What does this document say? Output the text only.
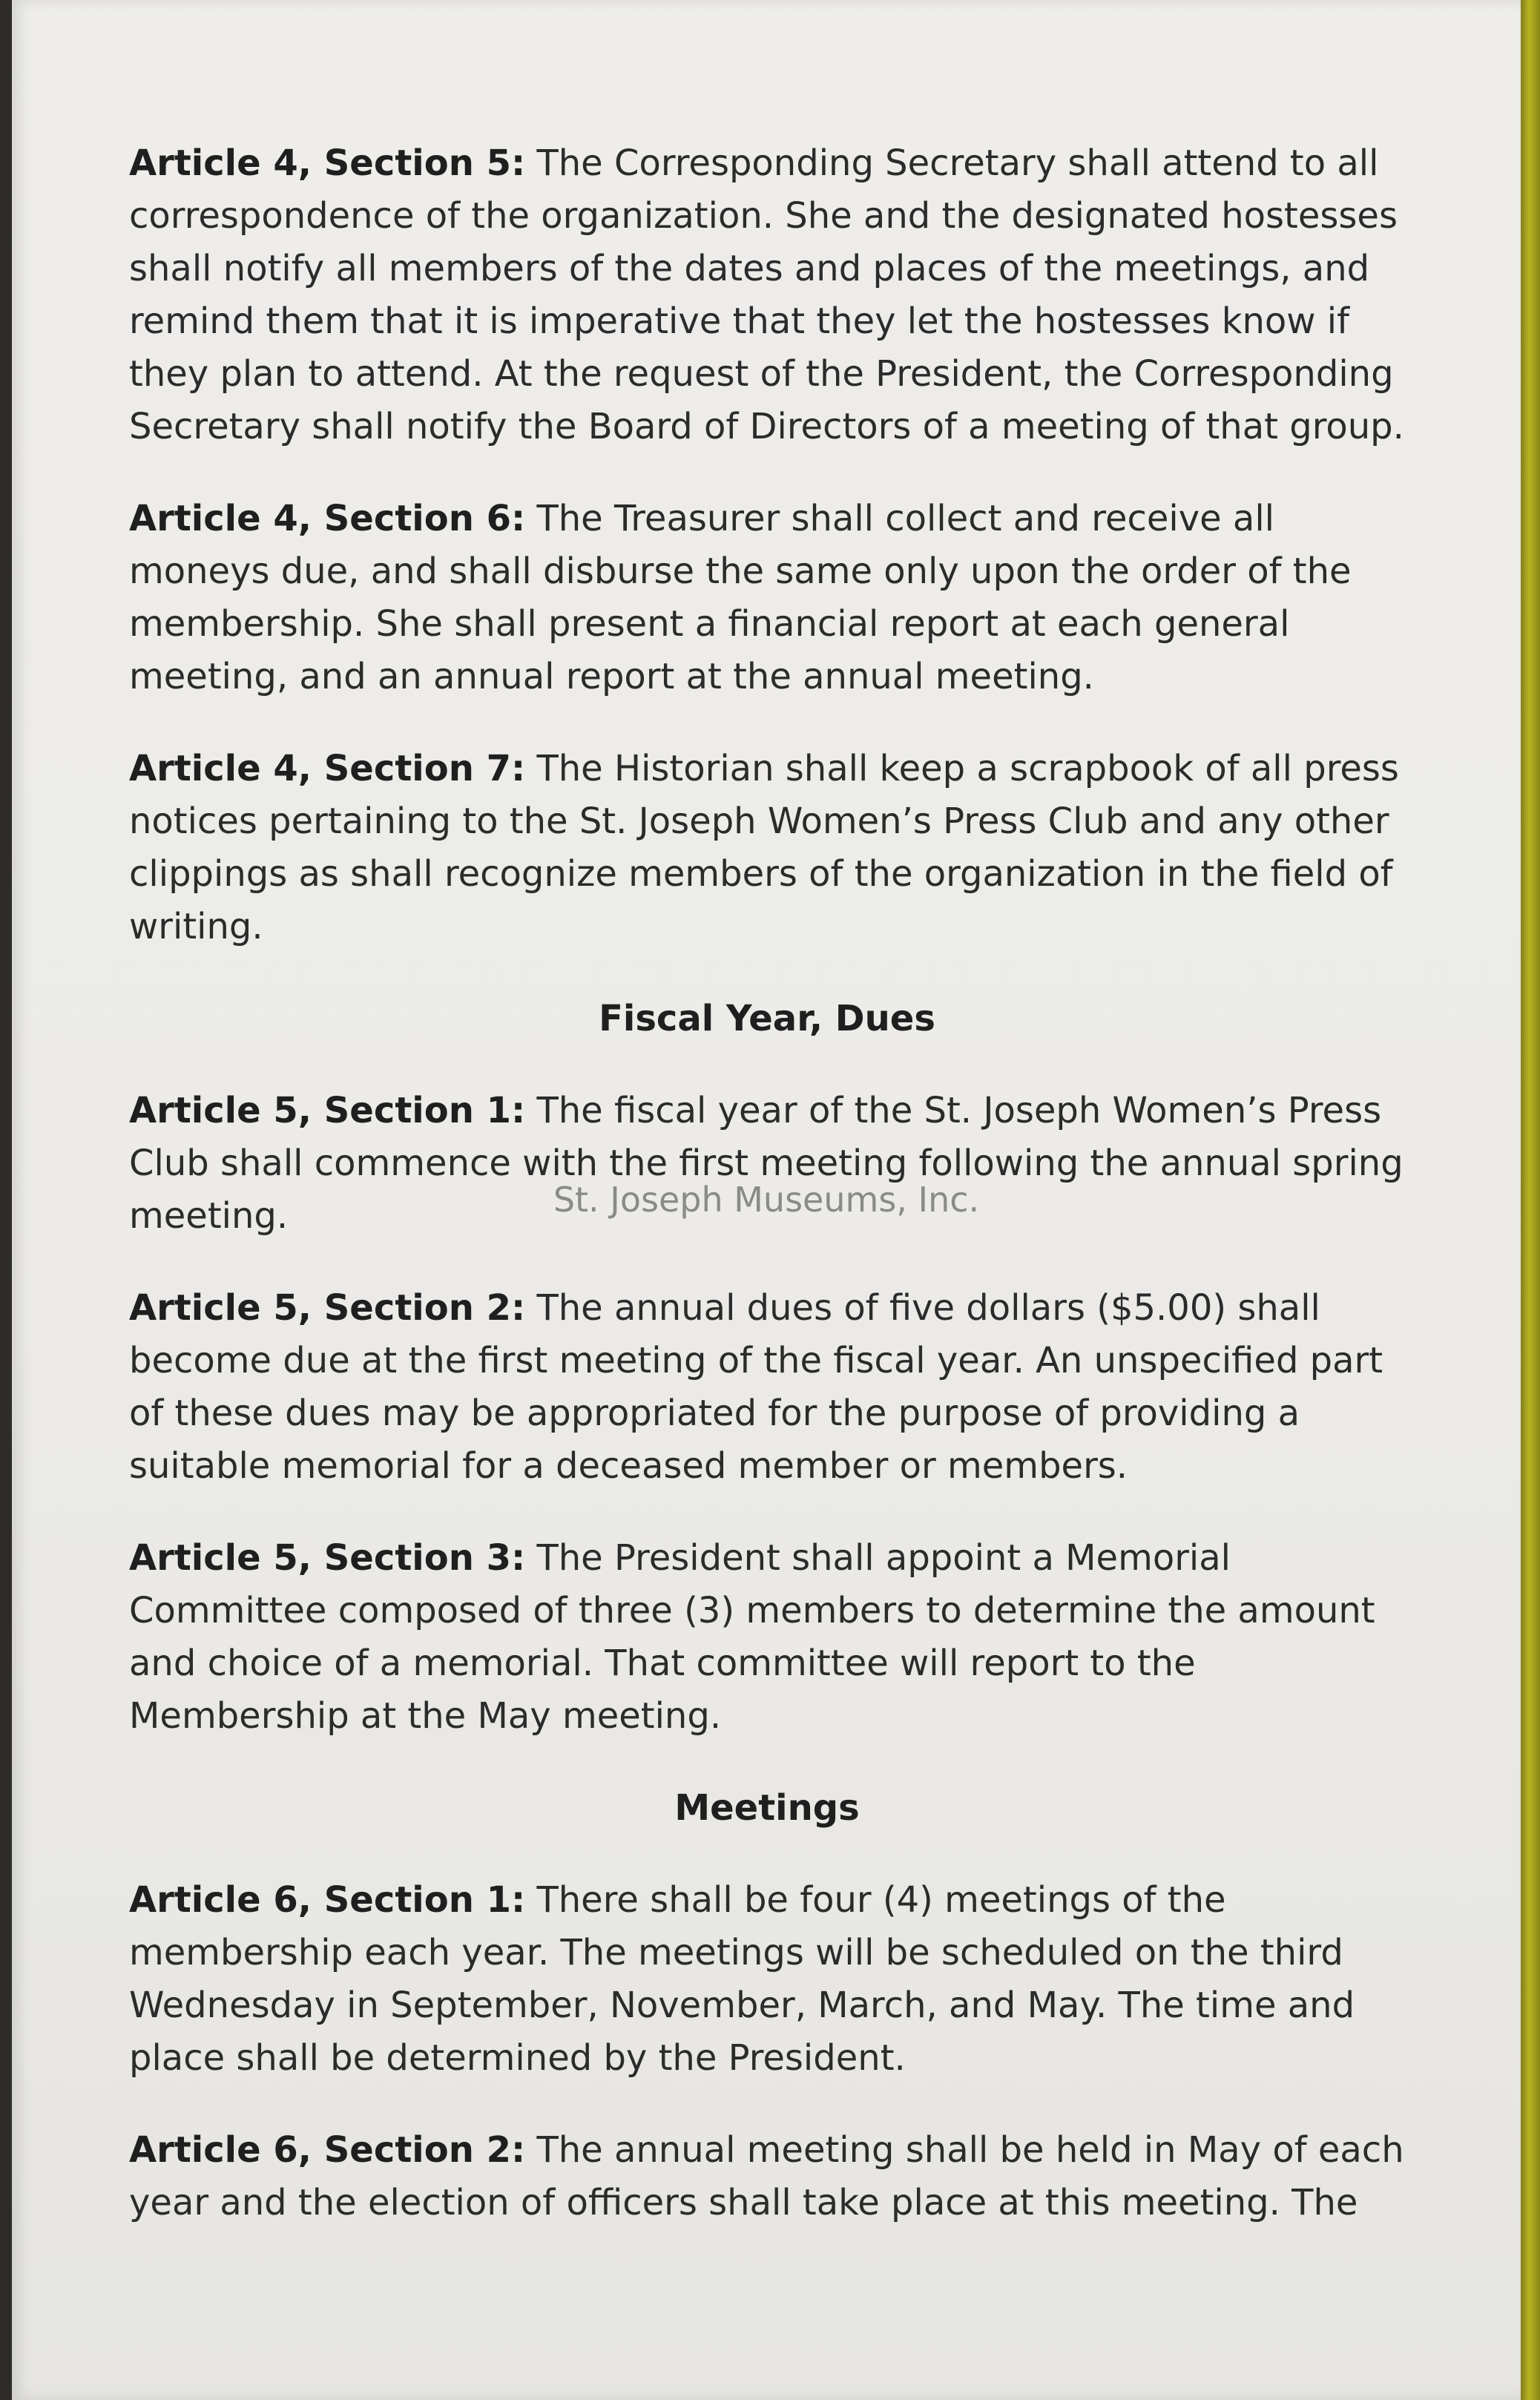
Article 4, Section 5: The Corresponding Secretary shall attend to all correspondence of the organization. She and the designated hostesses shall notify all members of the dates and places of the meetings, and remind them that it is imperative that they let the hostesses know if they plan to attend. At the request of the President, the Corresponding Secretary shall notify the Board of Directors of a meeting of that group.

Article 4, Section 6: The Treasurer shall collect and receive all moneys due, and shall disburse the same only upon the order of the membership. She shall present a financial report at each general meeting, and an annual report at the annual meeting.

Article 4, Section 7: The Historian shall keep a scrapbook of all press notices pertaining to the St. Joseph Women’s Press Club and any other clippings as shall recognize members of the organization in the field of writing.

Fiscal Year, Dues

Article 5, Section 1: The fiscal year of the St. Joseph Women’s Press Club shall commence with the first meeting following the annual spring meeting.

Article 5, Section 2: The annual dues of five dollars ($5.00) shall become due at the first meeting of the fiscal year. An unspecified part of these dues may be appropriated for the purpose of providing a suitable memorial for a deceased member or members.

Article 5, Section 3: The President shall appoint a Memorial Committee composed of three (3) members to determine the amount and choice of a memorial. That committee will report to the Membership at the May meeting.

Meetings

Article 6, Section 1: There shall be four (4) meetings of the membership each year. The meetings will be scheduled on the third Wednesday in September, November, March, and May. The time and place shall be determined by the President.

Article 6, Section 2: The annual meeting shall be held in May of each year and the election of officers shall take place at this meeting. The

St. Joseph Museums, Inc.
